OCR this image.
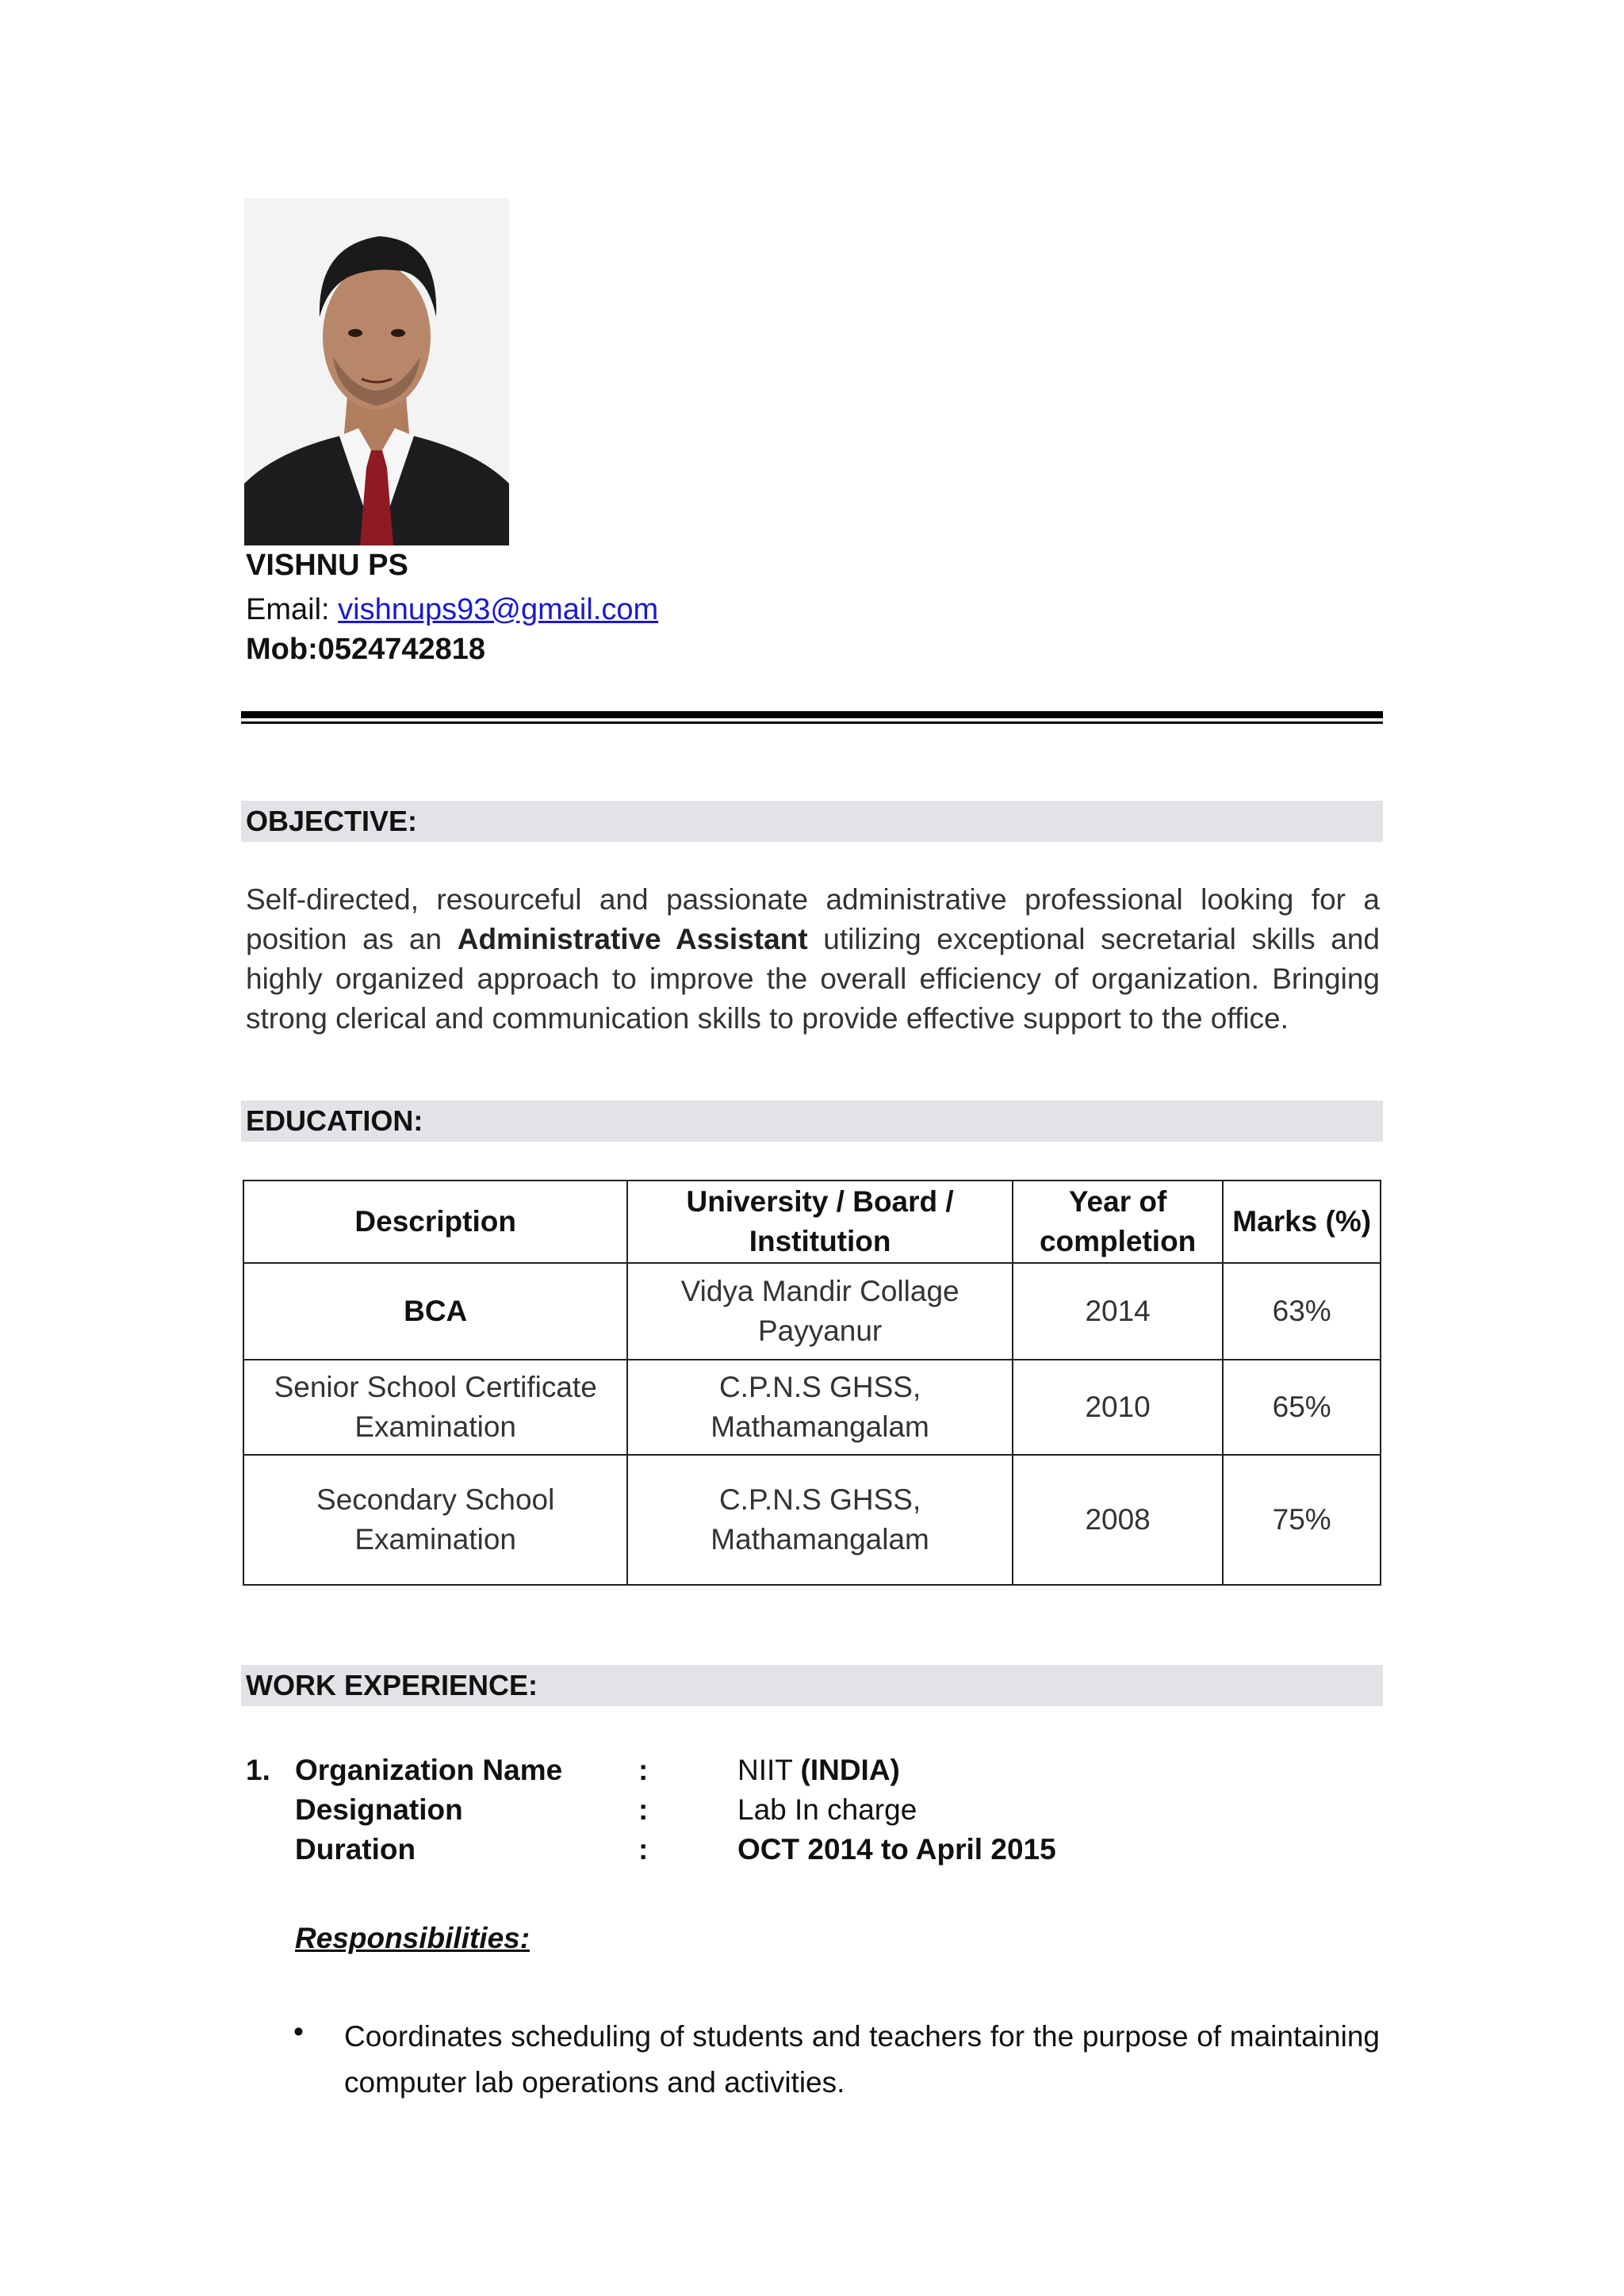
VISHNU PS
Email: vishnups93@gmail.com
Mob:0524742818
OBJECTIVE:
Self-directed, resourceful and passionate administrative professional looking for a position as an Administrative Assistant utilizing exceptional secretarial skills and highly organized approach to improve the overall efficiency of organization. Bringing strong clerical and communication skills to provide effective support to the office.
EDUCATION:
Description	University / Board / Institution	Year of completion	Marks (%)
BCA	Vidya Mandir Collage Payyanur	2014	63%
Senior School Certificate Examination	C.P.N.S GHSS, Mathamangalam	2010	65%
Secondary School Examination	C.P.N.S GHSS, Mathamangalam	2008	75%
WORK EXPERIENCE:
1. Organization Name	:	NIIT (INDIA)
Designation	:	Lab In charge
Duration	:	OCT 2014 to April 2015
Responsibilities:
• Coordinates scheduling of students and teachers for the purpose of maintaining computer lab operations and activities.
